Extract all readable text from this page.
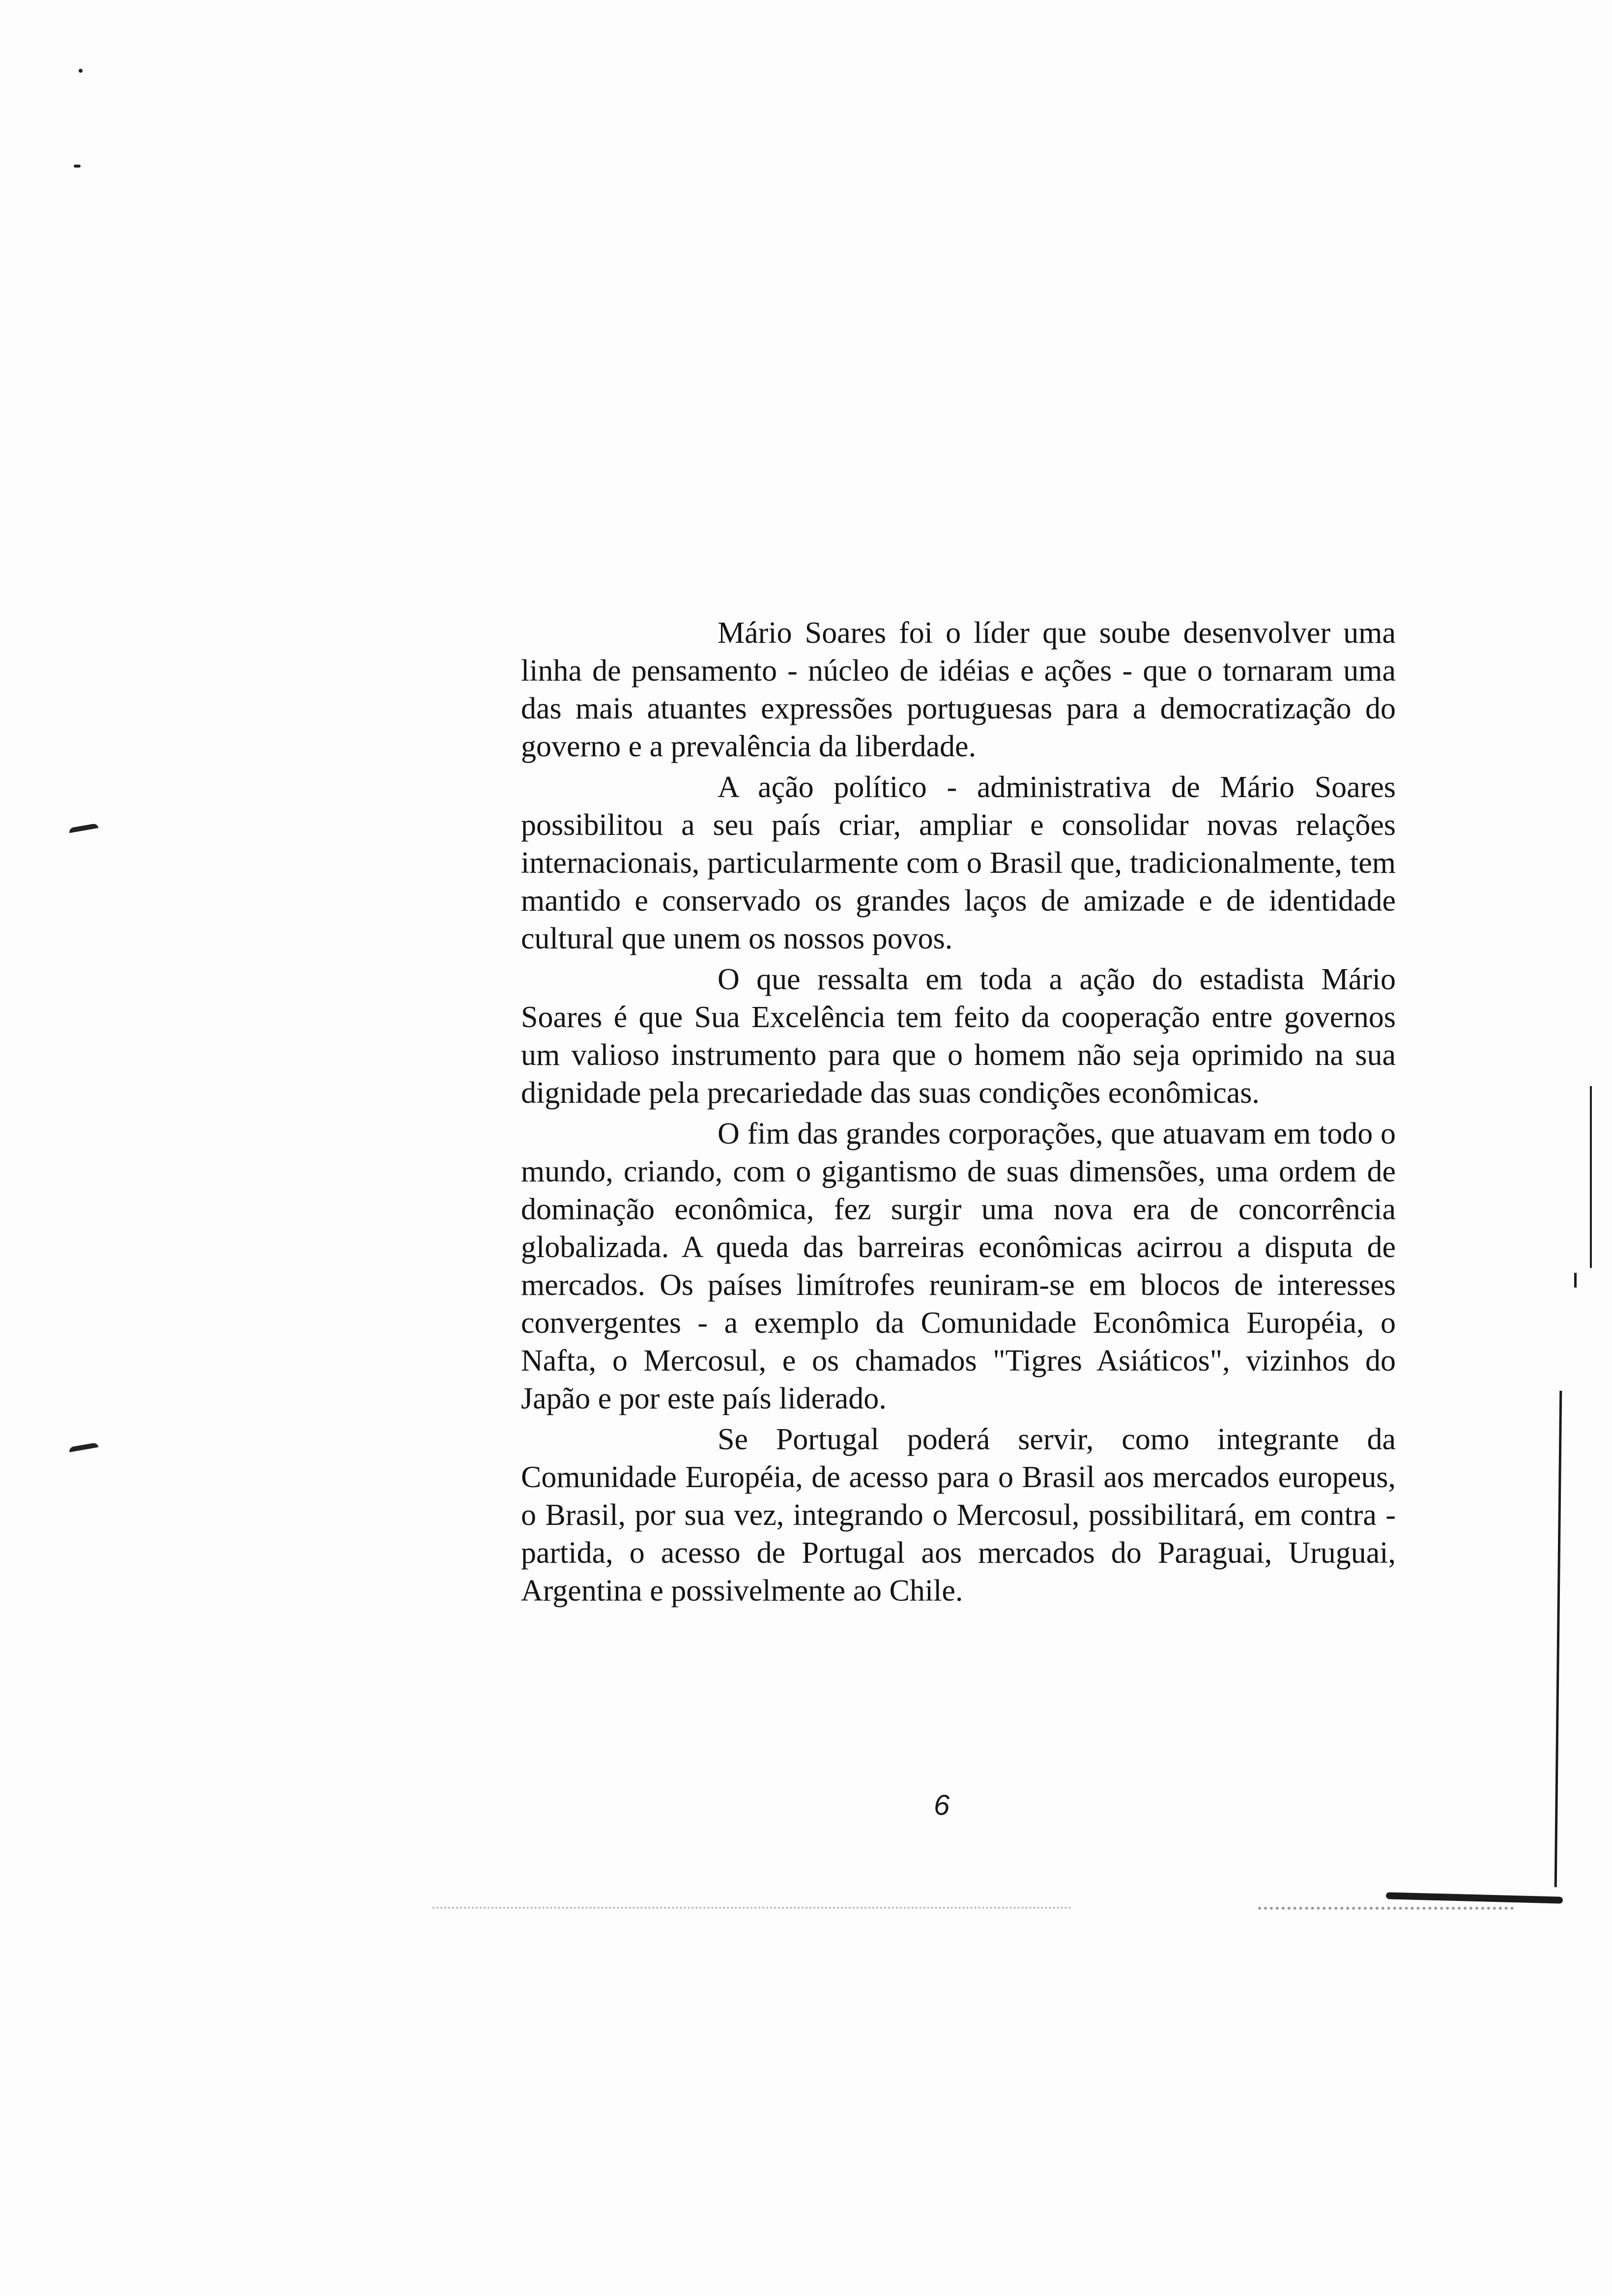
Mário Soares foi o líder que soube desenvolver uma linha de pensamento - núcleo de idéias e ações - que o tornaram uma das mais atuantes expressões portuguesas para a democratização do governo e a prevalência da liberdade.

A ação político - administrativa de Mário Soares possibilitou a seu país criar, ampliar e consolidar novas relações internacionais, particularmente com o Brasil que, tradicionalmente, tem mantido e conservado os grandes laços de amizade e de identidade cultural que unem os nossos povos.

O que ressalta em toda a ação do estadista Mário Soares é que Sua Excelência tem feito da cooperação entre governos um valioso instrumento para que o homem não seja oprimido na sua dignidade pela precariedade das suas condições econômicas.

O fim das grandes corporações, que atuavam em todo o mundo, criando, com o gigantismo de suas dimensões, uma ordem de dominação econômica, fez surgir uma nova era de concorrência globalizada. A queda das barreiras econômicas acirrou a disputa de mercados. Os países limítrofes reuniram-se em blocos de interesses convergentes - a exemplo da Comunidade Econômica Européia, o Nafta, o Mercosul, e os chamados "Tigres Asiáticos", vizinhos do Japão e por este país liderado.

Se Portugal poderá servir, como integrante da Comunidade Européia, de acesso para o Brasil aos mercados europeus, o Brasil, por sua vez, integrando o Mercosul, possibilitará, em contra - partida, o acesso de Portugal aos mercados do Paraguai, Uruguai, Argentina e possivelmente ao Chile.

6
